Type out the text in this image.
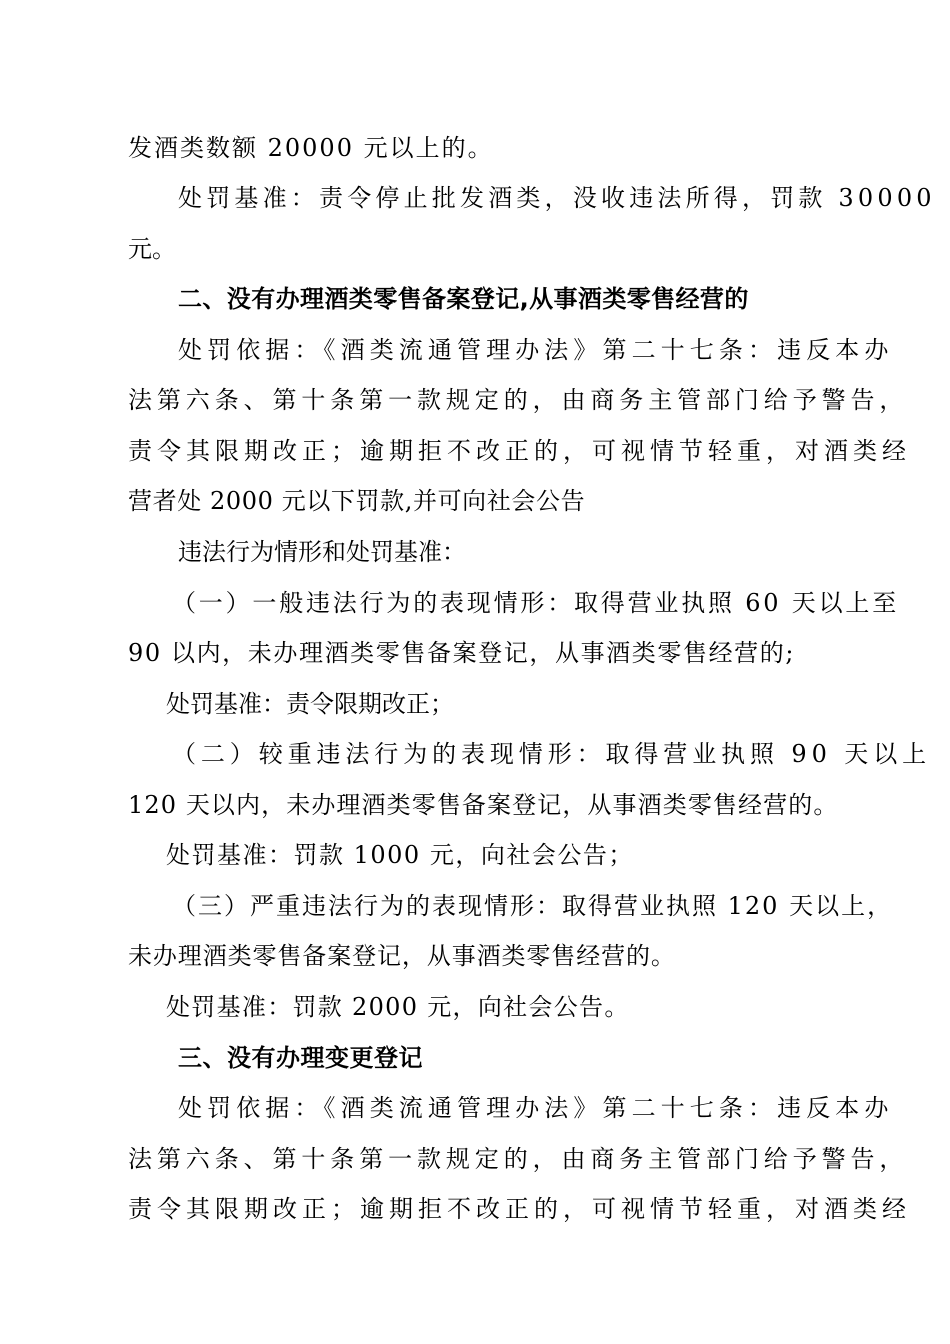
发酒类数额 20000 元以上的。
处罚基准：责令停止批发酒类，没收违法所得，罚款 30000
元。
二、没有办理酒类零售备案登记,从事酒类零售经营的
处罚依据：《酒类流通管理办法》第二十七条：违反本办
法第六条、第十条第一款规定的，由商务主管部门给予警告，
责令其限期改正；逾期拒不改正的，可视情节轻重，对酒类经
营者处 2000 元以下罚款,并可向社会公告
违法行为情形和处罚基准：
（一）一般违法行为的表现情形：取得营业执照 60 天以上至
90 以内，未办理酒类零售备案登记，从事酒类零售经营的;
处罚基准：责令限期改正；
（二）较重违法行为的表现情形：取得营业执照 90 天以上
120 天以内，未办理酒类零售备案登记，从事酒类零售经营的。
处罚基准：罚款 1000 元，向社会公告；
（三）严重违法行为的表现情形：取得营业执照 120 天以上，
未办理酒类零售备案登记，从事酒类零售经营的。
处罚基准：罚款 2000 元，向社会公告。
三、没有办理变更登记
处罚依据：《酒类流通管理办法》第二十七条：违反本办
法第六条、第十条第一款规定的，由商务主管部门给予警告，
责令其限期改正；逾期拒不改正的，可视情节轻重，对酒类经
